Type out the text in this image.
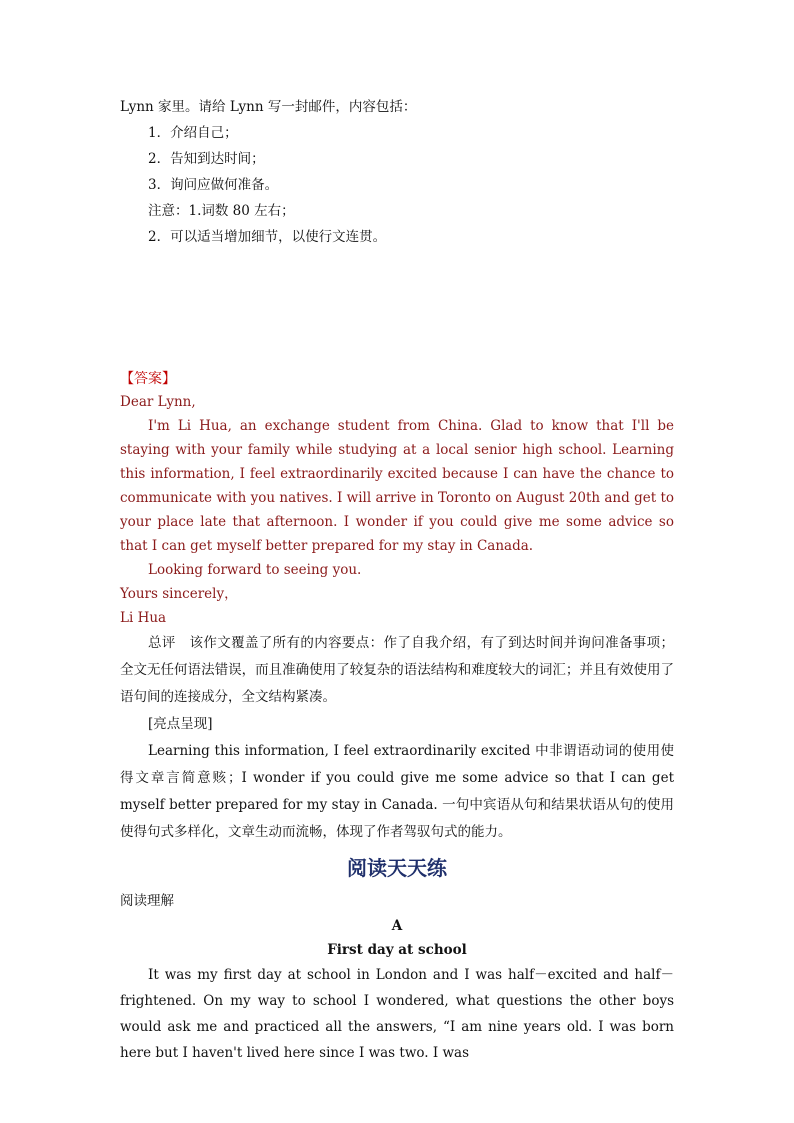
Lynn 家里。请给 Lynn 写一封邮件，内容包括：

1．介绍自己；

2．告知到达时间；

3．询问应做何准备。

注意：1.词数 80 左右；

2．可以适当增加细节，以使行文连贯。

【答案】

Dear Lynn,

I'm Li Hua, an exchange student from China. Glad to know that I'll be staying with your family while studying at a local senior high school. Learning this information, I feel extraordinarily excited because I can have the chance to communicate with you natives. I will arrive in Toronto on August 20th and get to your place late that afternoon. I wonder if you could give me some advice so that I can get myself better prepared for my stay in Canada.

Looking forward to seeing you.

Yours sincerely，

Li Hua

总评　该作文覆盖了所有的内容要点：作了自我介绍，有了到达时间并询问准备事项；全文无任何语法错误，而且准确使用了较复杂的语法结构和难度较大的词汇；并且有效使用了语句间的连接成分，全文结构紧凑。

[亮点呈现]

Learning this information, I feel extraordinarily excited 中非谓语动词的使用使得文章言简意赅；I wonder if you could give me some advice so that I can get myself better prepared for my stay in Canada. 一句中宾语从句和结果状语从句的使用使得句式多样化，文章生动而流畅，体现了作者驾驭句式的能力。

阅读天天练

阅读理解

A

First day at school

It was my first day at school in London and I was half－excited and half－frightened. On my way to school I wondered, what questions the other boys would ask me and practiced all the answers, “I am nine years old. I was born here but I haven't lived here since I was two. I was
